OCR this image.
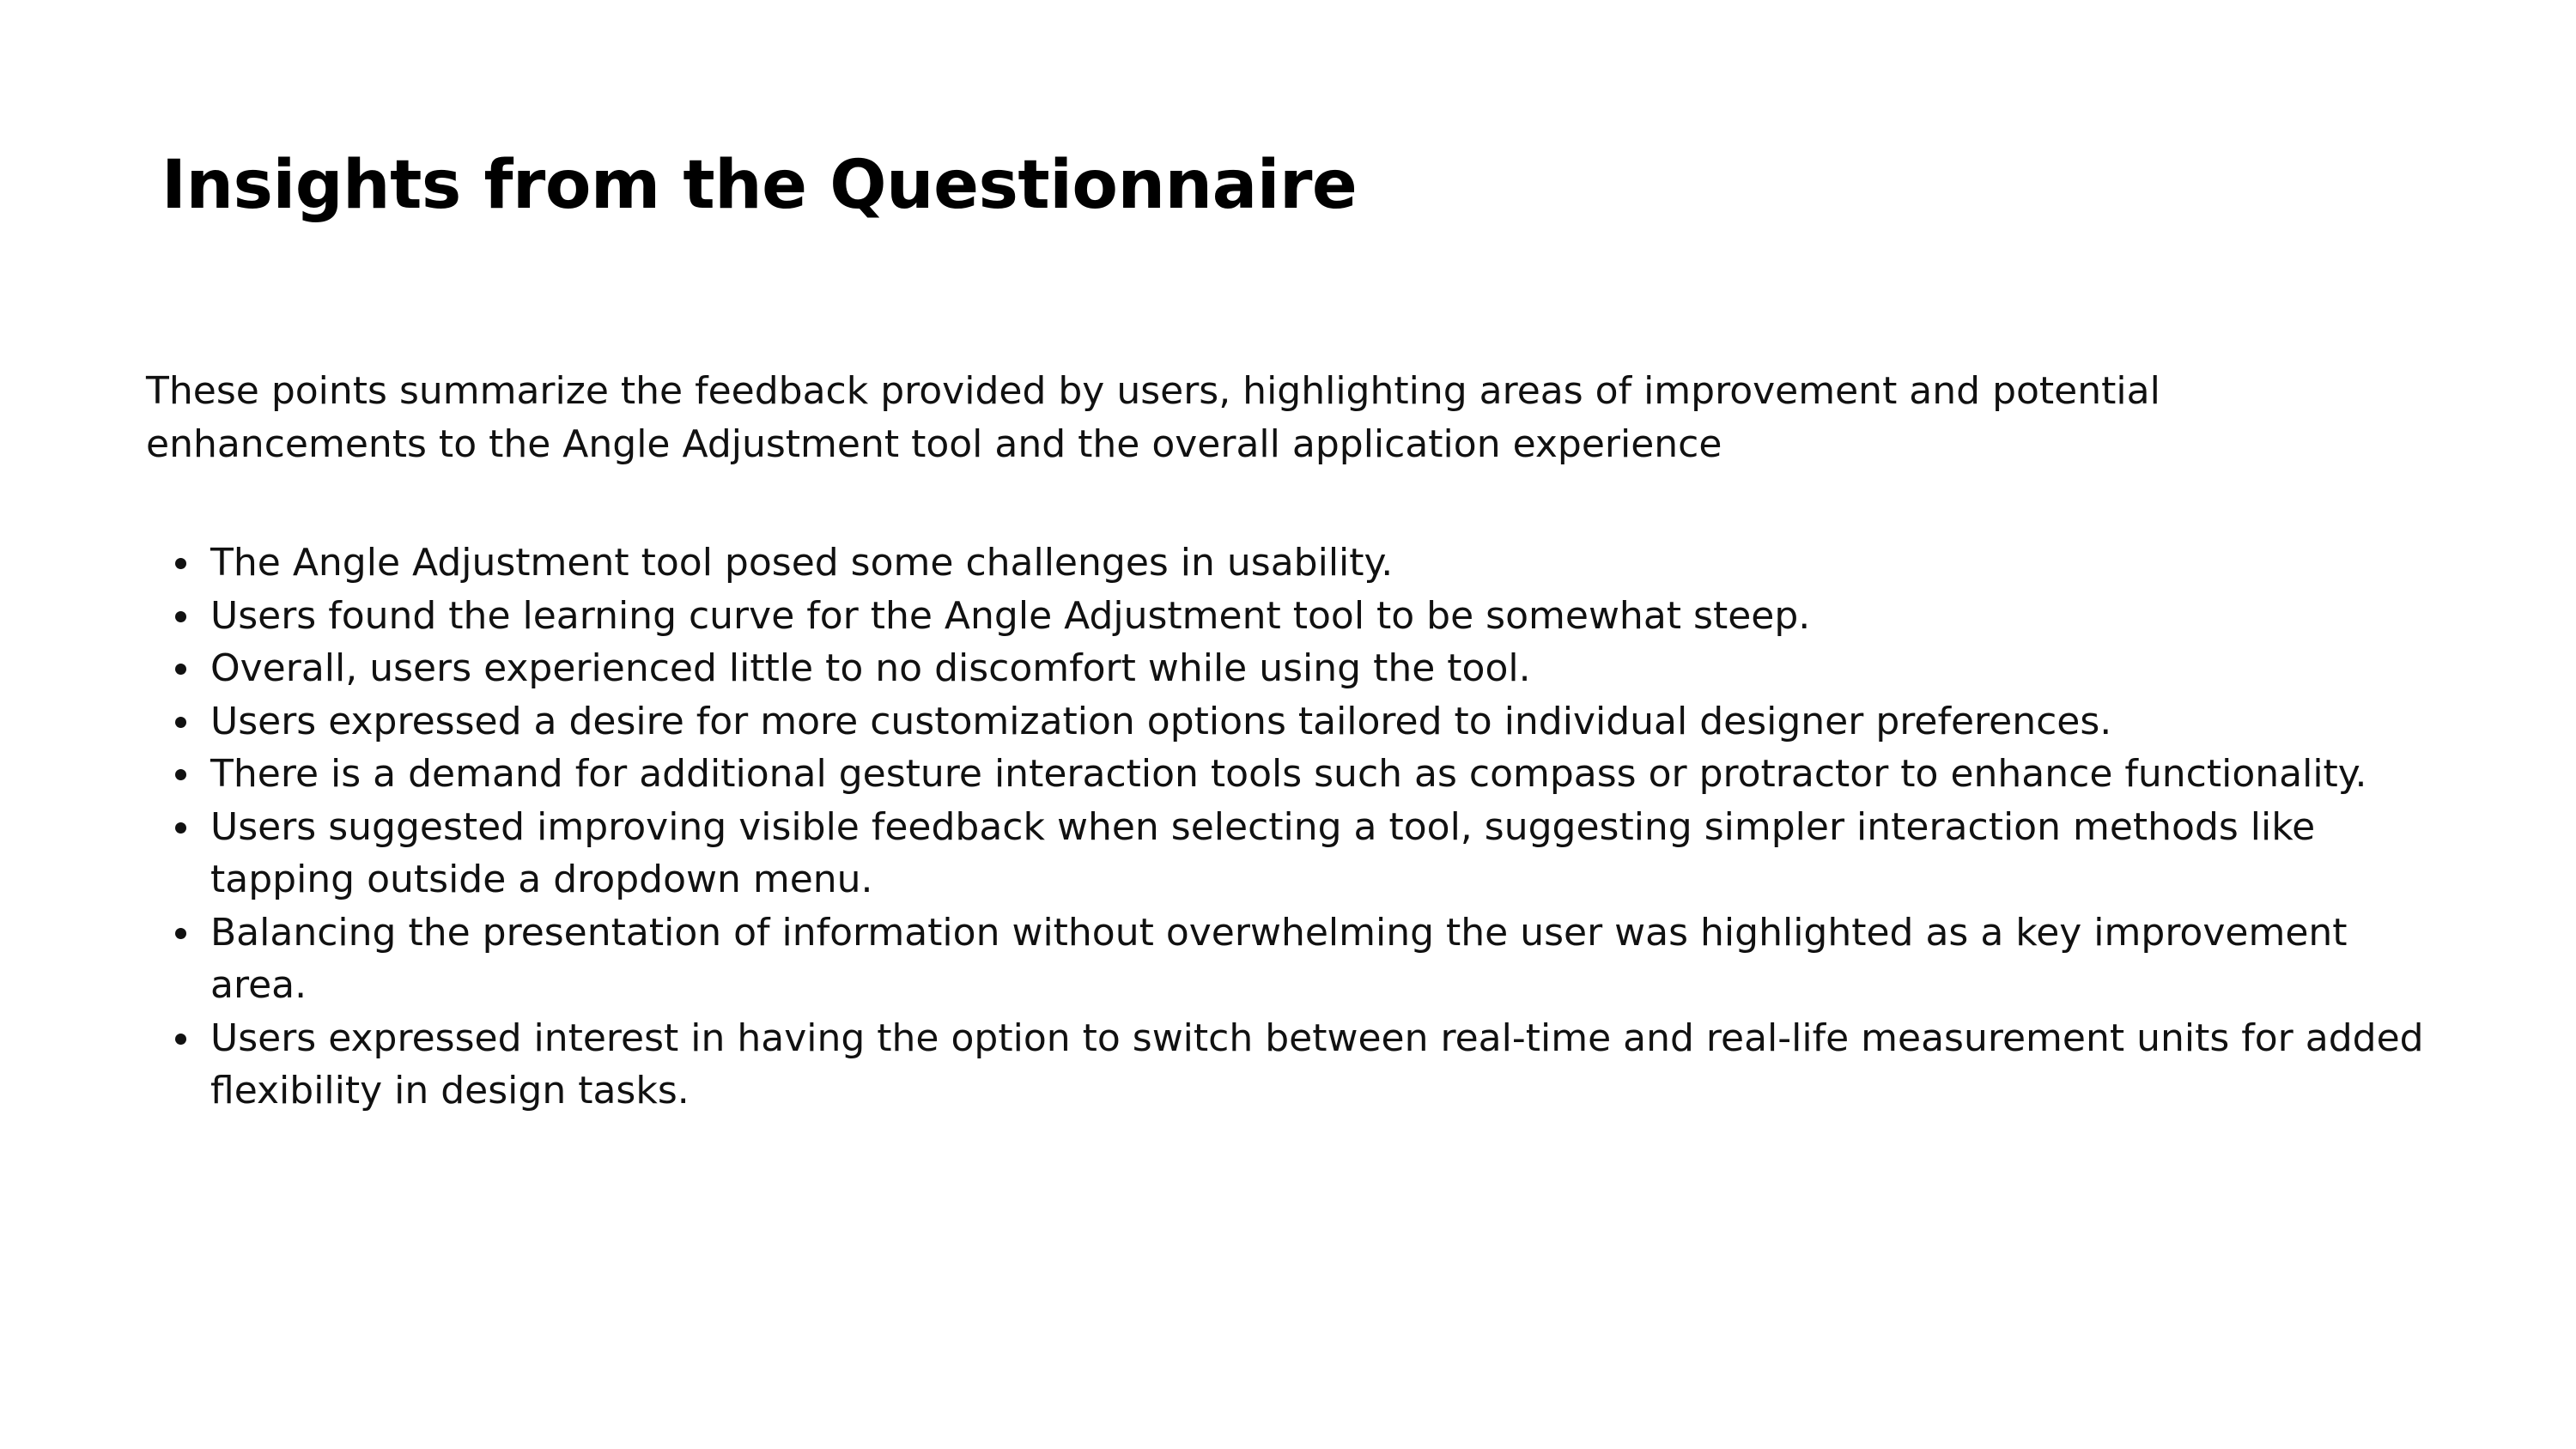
Insights from the Questionnaire

These points summarize the feedback provided by users, highlighting areas of improvement and potential enhancements to the Angle Adjustment tool and the overall application experience

The Angle Adjustment tool posed some challenges in usability.
Users found the learning curve for the Angle Adjustment tool to be somewhat steep.
Overall, users experienced little to no discomfort while using the tool.
Users expressed a desire for more customization options tailored to individual designer preferences.
There is a demand for additional gesture interaction tools such as compass or protractor to enhance functionality.
Users suggested improving visible feedback when selecting a tool, suggesting simpler interaction methods like tapping outside a dropdown menu.
Balancing the presentation of information without overwhelming the user was highlighted as a key improvement area.
Users expressed interest in having the option to switch between real-time and real-life measurement units for added flexibility in design tasks.
